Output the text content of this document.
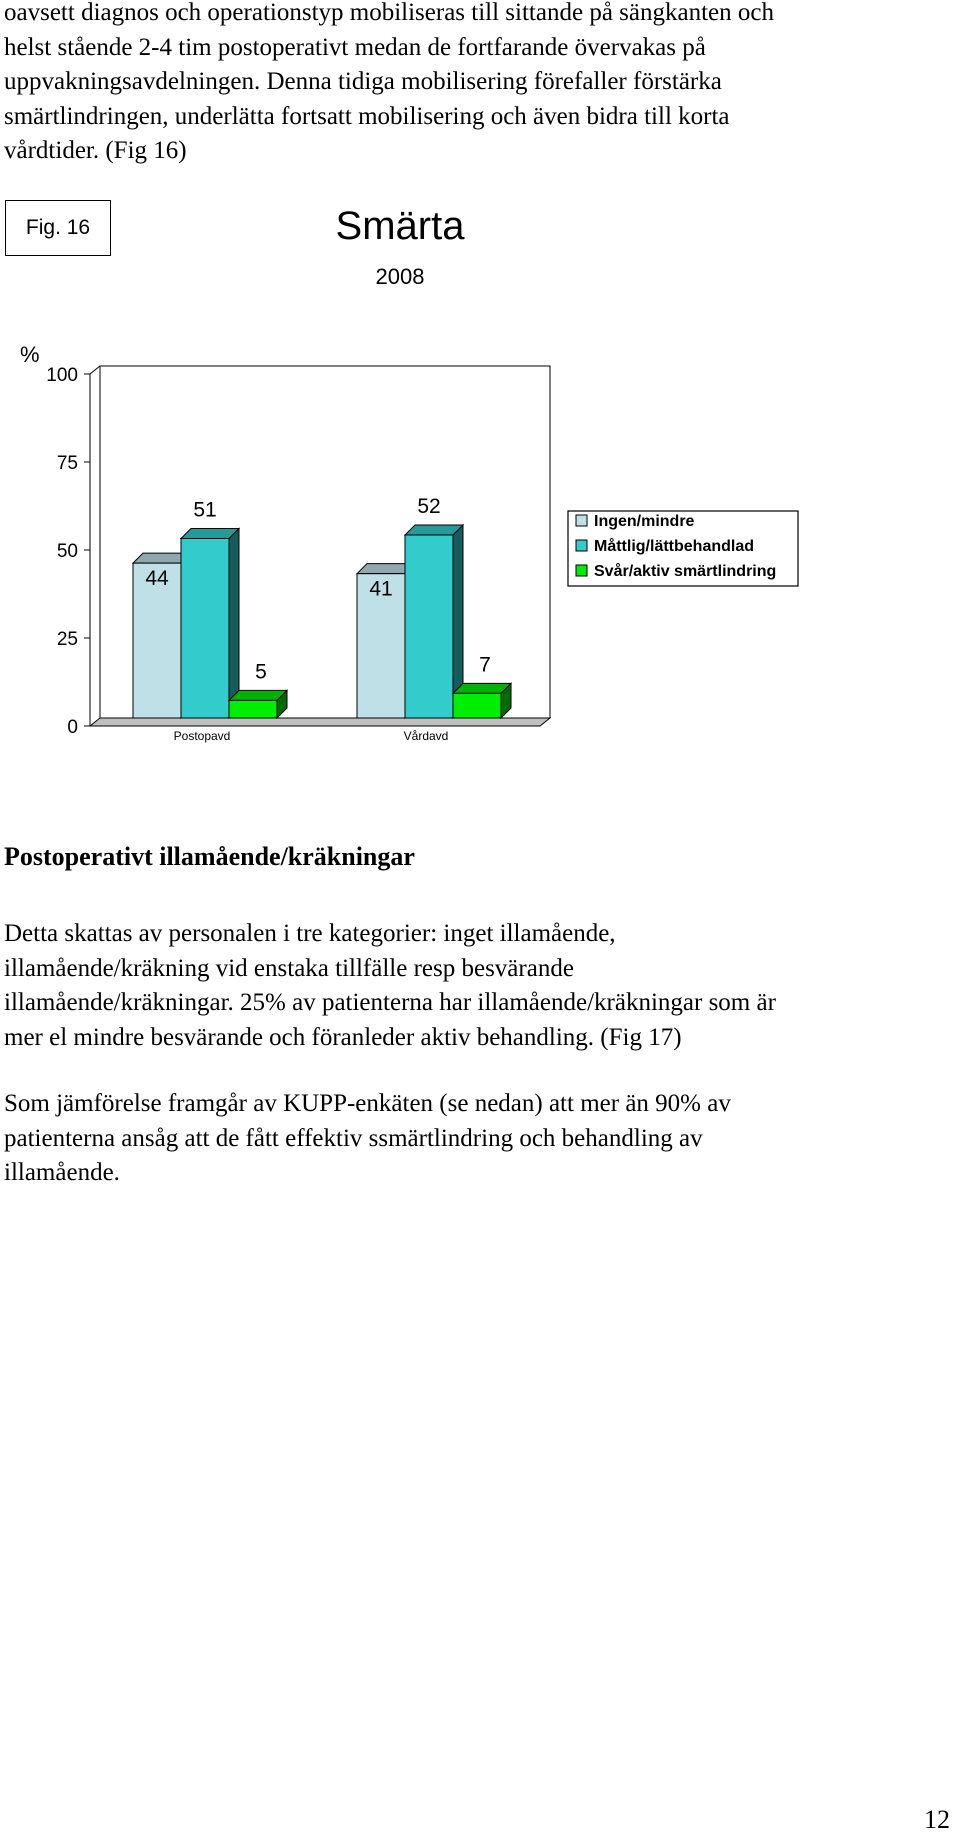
oavsett diagnos och operationstyp mobiliseras till sittande på sängkanten och
helst stående 2-4 tim postoperativt medan de fortfarande övervakas på
uppvakningsavdelningen. Denna tidiga mobilisering förefaller förstärka
smärtlindringen, underlätta fortsatt mobilisering och även bidra till korta
vårdtider. (Fig 16)

Fig. 16	Smärta
2008
%
0
25
50
75
100
44
51
5
41
52
7
Postopavd	Vårdavd
Ingen/mindre
Måttlig/lättbehandlad
Svår/aktiv smärtlindring
Postoperativt illamående/kräkningar

Detta skattas av personalen i tre kategorier: inget illamående,
illamående/kräkning vid enstaka tillfälle resp besvärande
illamående/kräkningar. 25% av patienterna har illamående/kräkningar som är
mer el mindre besvärande och föranleder aktiv behandling. (Fig 17)

Som jämförelse framgår av KUPP-enkäten (se nedan) att mer än 90% av
patienterna ansåg att de fått effektiv ssmärtlindring och behandling av
illamående.

12
